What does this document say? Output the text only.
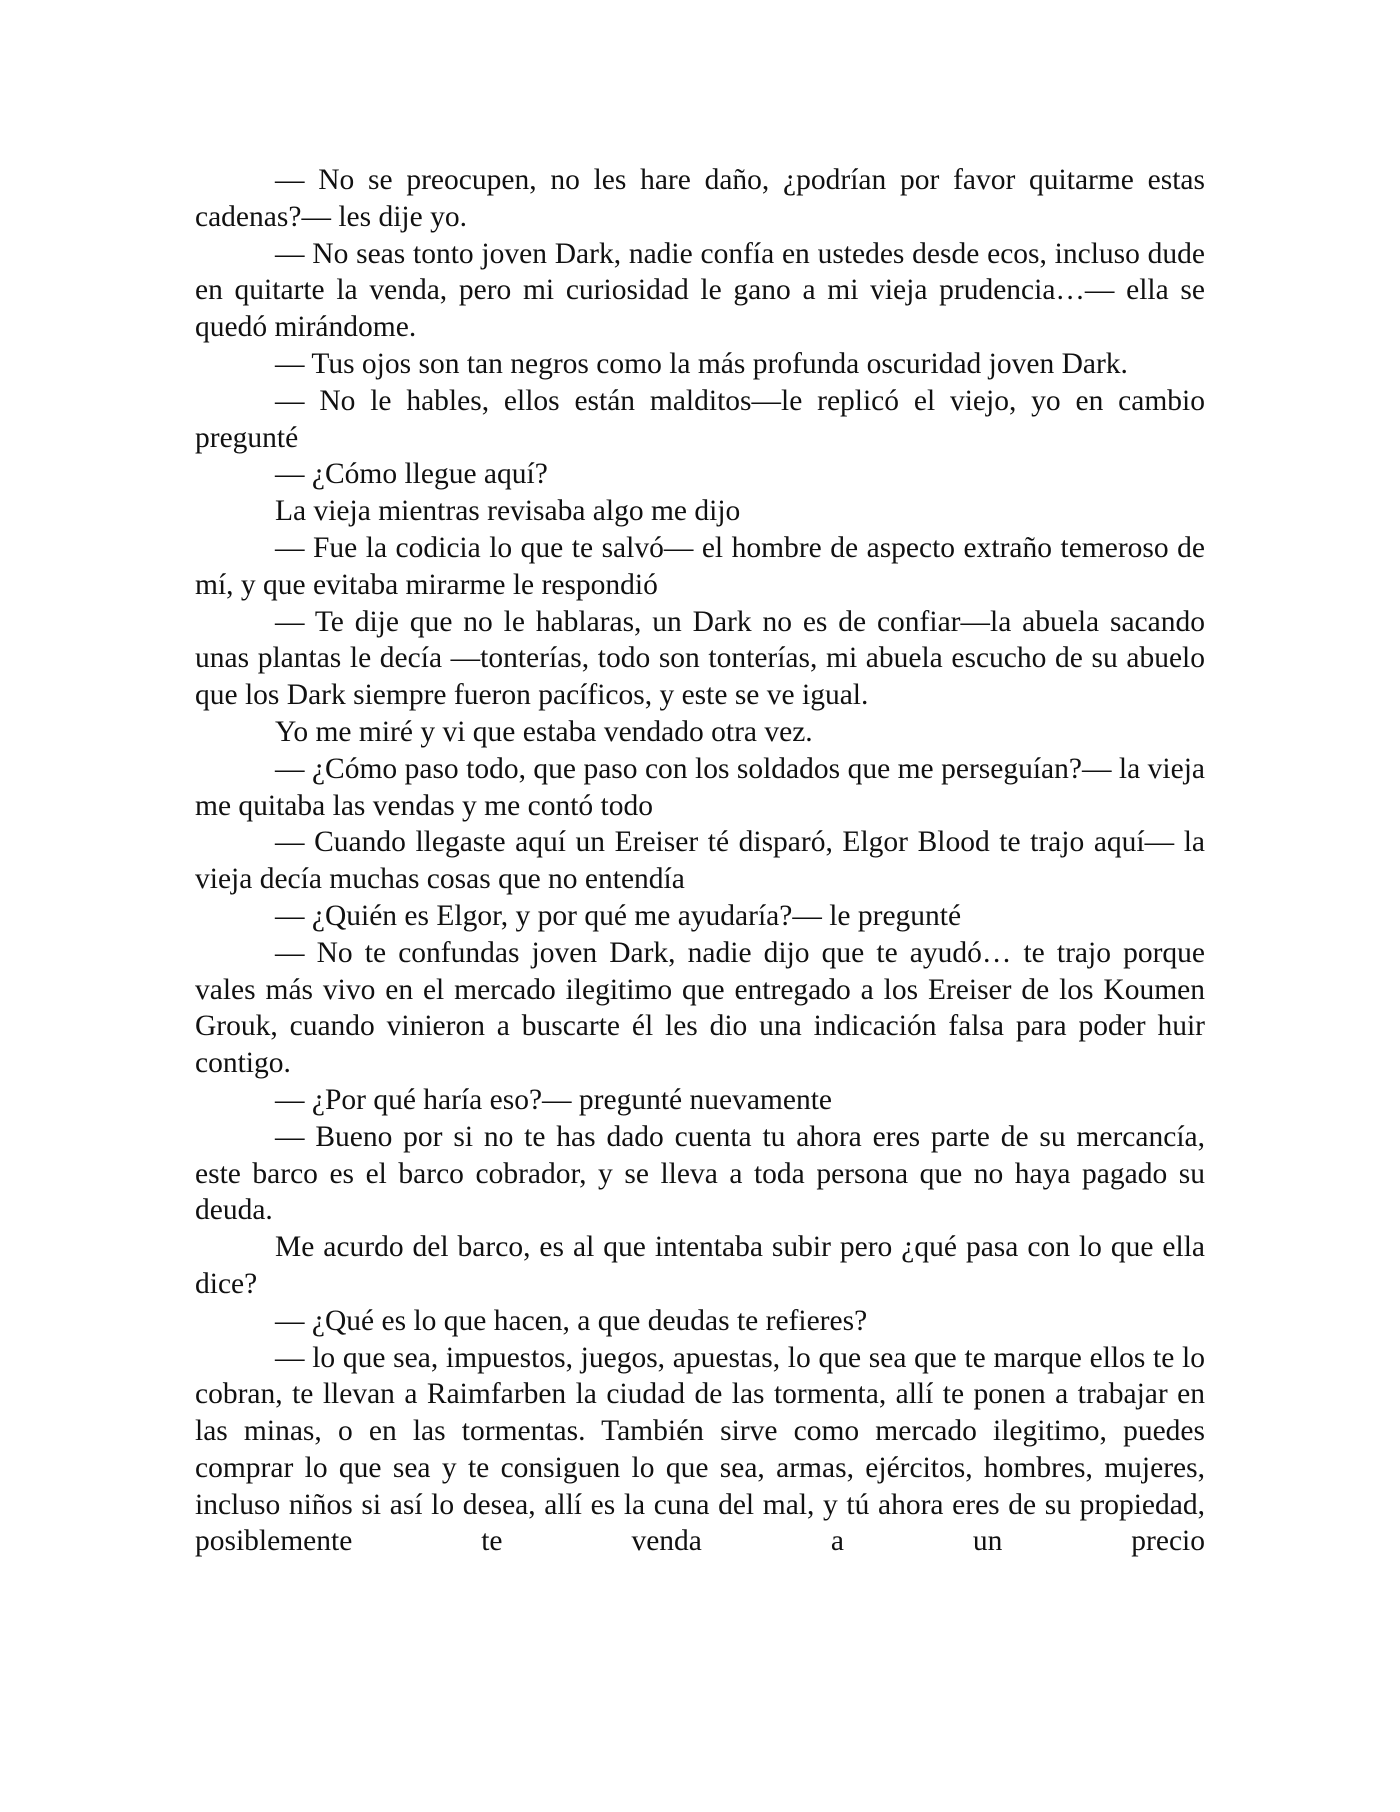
— No se preocupen, no les hare daño, ¿podrían por favor quitarme estas cadenas?— les dije yo.

— No seas tonto joven Dark, nadie confía en ustedes desde ecos, incluso dude en quitarte la venda, pero mi curiosidad le gano a mi vieja prudencia…— ella se quedó mirándome.

— Tus ojos son tan negros como la más profunda oscuridad joven Dark.

— No le hables, ellos están malditos—le replicó el viejo, yo en cambio pregunté

— ¿Cómo llegue aquí?

La vieja mientras revisaba algo me dijo

— Fue la codicia lo que te salvó— el hombre de aspecto extraño temeroso de mí, y que evitaba mirarme le respondió

— Te dije que no le hablaras, un Dark no es de confiar—la abuela sacando unas plantas le decía —tonterías, todo son tonterías, mi abuela escucho de su abuelo que los Dark siempre fueron pacíficos, y este se ve igual.

Yo me miré y vi que estaba vendado otra vez.

— ¿Cómo paso todo, que paso con los soldados que me perseguían?— la vieja me quitaba las vendas y me contó todo

— Cuando llegaste aquí un Ereiser té disparó, Elgor Blood te trajo aquí— la vieja decía muchas cosas que no entendía

— ¿Quién es Elgor, y por qué me ayudaría?— le pregunté

— No te confundas joven Dark, nadie dijo que te ayudó… te trajo porque vales más vivo en el mercado ilegitimo que entregado a los Ereiser de los Koumen Grouk, cuando vinieron a buscarte él les dio una indicación falsa para poder huir contigo.

— ¿Por qué haría eso?— pregunté nuevamente

— Bueno por si no te has dado cuenta tu ahora eres parte de su mercancía, este barco es el barco cobrador, y se lleva a toda persona que no haya pagado su deuda.

Me acurdo del barco, es al que intentaba subir pero ¿qué pasa con lo que ella dice?

— ¿Qué es lo que hacen, a que deudas te refieres?

— lo que sea, impuestos, juegos, apuestas, lo que sea que te marque ellos te lo cobran, te llevan a Raimfarben la ciudad de las tormenta, allí te ponen a trabajar en las minas, o en las tormentas. También sirve como mercado ilegitimo, puedes comprar lo que sea y te consiguen lo que sea, armas, ejércitos, hombres, mujeres, incluso niños si así lo desea, allí es la cuna del mal, y tú ahora eres de su propiedad, posiblemente te venda a un precio
